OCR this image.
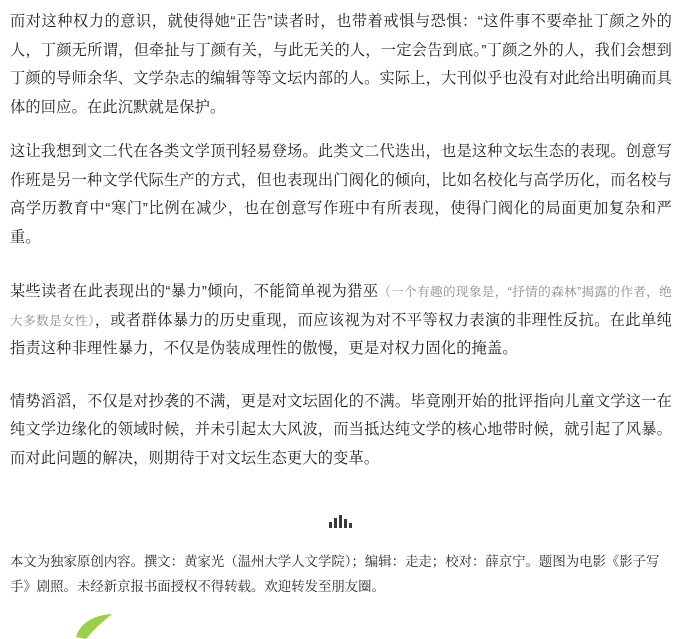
而对这种权力的意识，就使得她“正告”读者时，也带着戒惧与恐惧：“这件事不要牵扯丁颜之外的人，丁颜无所谓，但牵扯与丁颜有关，与此无关的人，一定会告到底。”丁颜之外的人，我们会想到丁颜的导师余华、文学杂志的编辑等等文坛内部的人。实际上，大刊似乎也没有对此给出明确而具体的回应。在此沉默就是保护。

这让我想到文二代在各类文学顶刊轻易登场。此类文二代迭出，也是这种文坛生态的表现。创意写作班是另一种文学代际生产的方式，但也表现出门阀化的倾向，比如名校化与高学历化，而名校与高学历教育中“寒门”比例在减少，也在创意写作班中有所表现，使得门阀化的局面更加复杂和严重。

某些读者在此表现出的“暴力”倾向，不能简单视为猎巫（一个有趣的现象是，“抒情的森林”揭露的作者，绝大多数是女性），或者群体暴力的历史重现，而应该视为对不平等权力表演的非理性反抗。在此单纯指责这种非理性暴力，不仅是伪装成理性的傲慢，更是对权力固化的掩盖。

情势滔滔，不仅是对抄袭的不满，更是对文坛固化的不满。毕竟刚开始的批评指向儿童文学这一在纯文学边缘化的领域时候，并未引起太大风波，而当抵达纯文学的核心地带时候，就引起了风暴。而对此问题的解决，则期待于对文坛生态更大的变革。

本文为独家原创内容。撰文：黄家光（温州大学人文学院）；编辑：走走；校对：薛京宁。题图为电影《影子写手》剧照。未经新京报书面授权不得转载。欢迎转发至朋友圈。
